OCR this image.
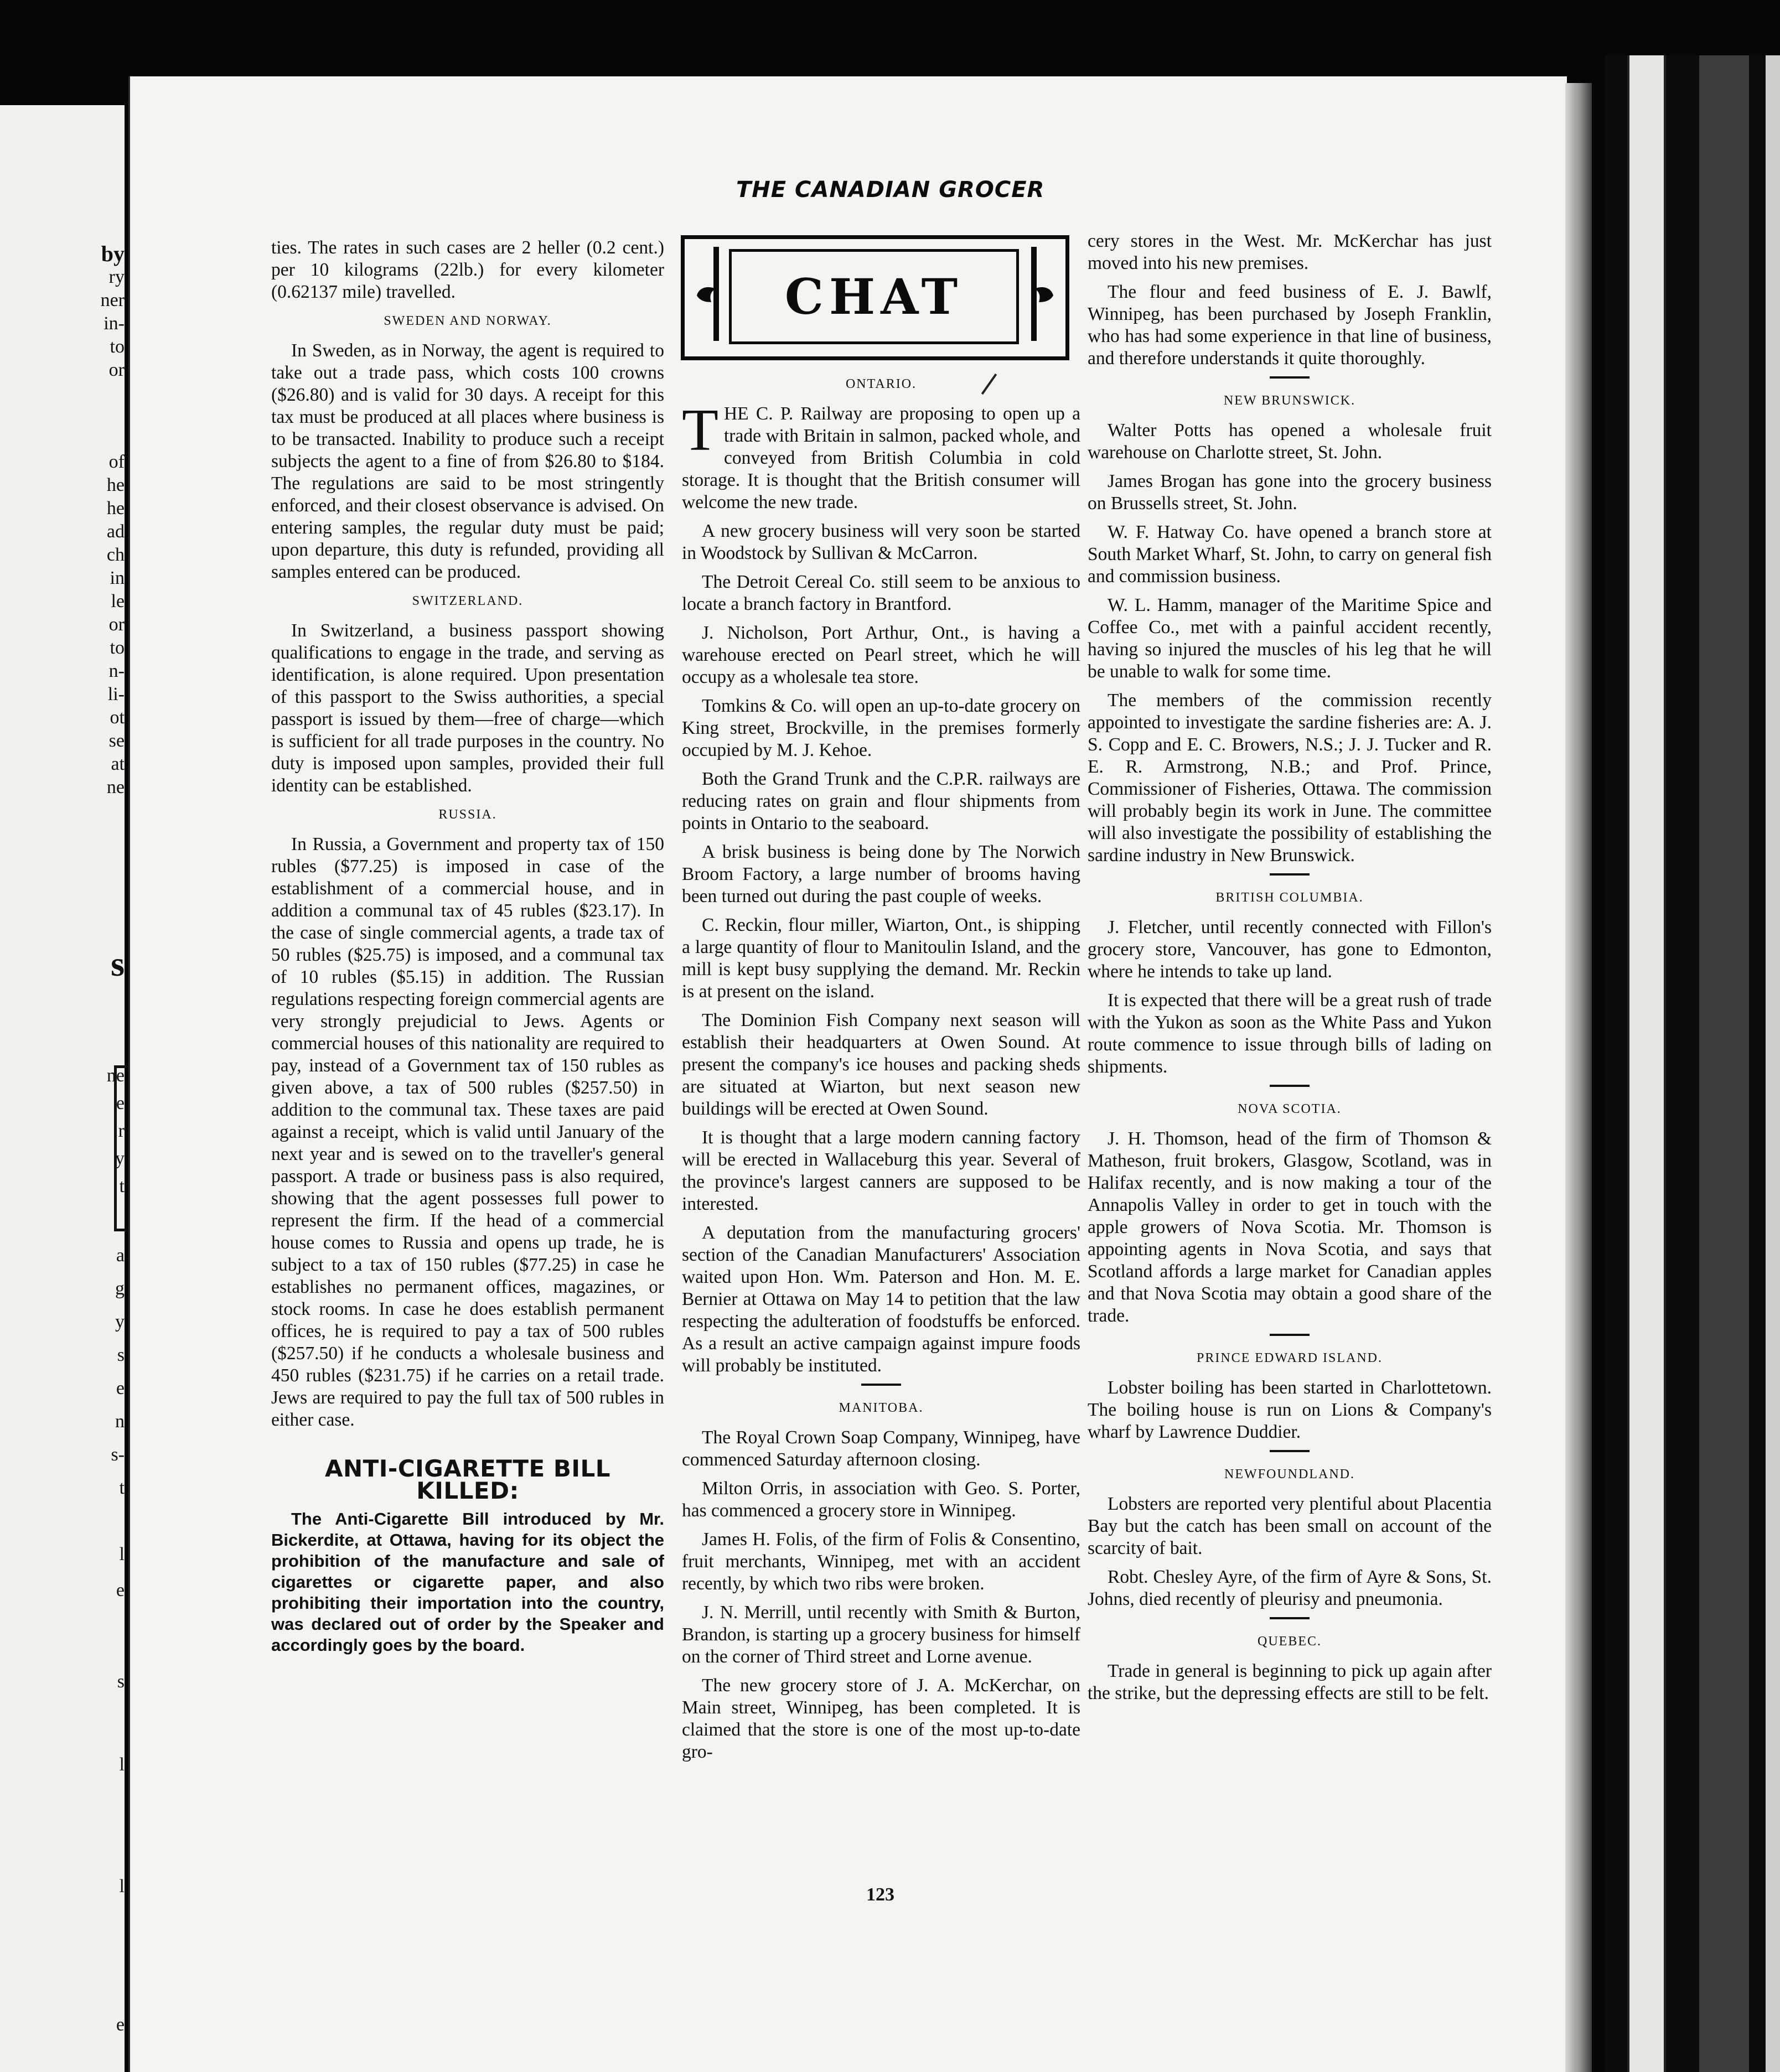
by
ry
ner
in-
to
or
of
he
he
ad
ch
in
le
or
to
n-
li-
ot
se
at
ne
s
ne
e
r
y
t
a
g
y
s
e
n
s-
t
l
e
s
l
l
e
THE CANADIAN GROCER
CHAT

ties. The rates in such cases are 2 heller (0.2 cent.) per 10 kilograms (22lb.) for every kilometer (0.62137 mile) travelled.

SWEDEN AND NORWAY.

In Sweden, as in Norway, the agent is required to take out a trade pass, which costs 100 crowns ($26.80) and is valid for 30 days. A receipt for this tax must be produced at all places where business is to be transacted. Inability to produce such a receipt subjects the agent to a fine of from $26.80 to $184. The regulations are said to be most stringently enforced, and their closest observance is advised. On entering samples, the regular duty must be paid; upon departure, this duty is refunded, providing all samples entered can be produced.

SWITZERLAND.

In Switzerland, a business passport showing qualifications to engage in the trade, and serving as identification, is alone required. Upon presentation of this passport to the Swiss authorities, a special passport is issued by them—free of charge—which is sufficient for all trade purposes in the country. No duty is imposed upon samples, provided their full identity can be established.

RUSSIA.

In Russia, a Government and property tax of 150 rubles ($77.25) is imposed in case of the establishment of a commercial house, and in addition a communal tax of 45 rubles ($23.17). In the case of single commercial agents, a trade tax of 50 rubles ($25.75) is imposed, and a communal tax of 10 rubles ($5.15) in addition. The Russian regulations respecting foreign commercial agents are very strongly prejudicial to Jews. Agents or commercial houses of this nationality are required to pay, instead of a Government tax of 150 rubles as given above, a tax of 500 rubles ($257.50) in addition to the communal tax. These taxes are paid against a receipt, which is valid until January of the next year and is sewed on to the traveller's general passport. A trade or business pass is also required, showing that the agent possesses full power to represent the firm. If the head of a commercial house comes to Russia and opens up trade, he is subject to a tax of 150 rubles ($77.25) in case he establishes no permanent offices, magazines, or stock rooms. In case he does establish permanent offices, he is required to pay a tax of 500 rubles ($257.50) if he conducts a wholesale business and 450 rubles ($231.75) if he carries on a retail trade. Jews are required to pay the full tax of 500 rubles in either case.

ANTI-CIGARETTE BILL KILLED:

The Anti-Cigarette Bill introduced by Mr. Bickerdite, at Ottawa, having for its object the prohibition of the manufacture and sale of cigarettes or cigarette paper, and also prohibiting their importation into the country, was declared out of order by the Speaker and accordingly goes by the board.

ONTARIO.

THE C. P. Railway are proposing to open up a trade with Britain in salmon, packed whole, and conveyed from British Columbia in cold storage. It is thought that the British consumer will welcome the new trade.

A new grocery business will very soon be started in Woodstock by Sullivan & McCarron.

The Detroit Cereal Co. still seem to be anxious to locate a branch factory in Brantford.

J. Nicholson, Port Arthur, Ont., is having a warehouse erected on Pearl street, which he will occupy as a wholesale tea store.

Tomkins & Co. will open an up-to-date grocery on King street, Brockville, in the premises formerly occupied by M. J. Kehoe.

Both the Grand Trunk and the C.P.R. railways are reducing rates on grain and flour shipments from points in Ontario to the seaboard.

A brisk business is being done by The Norwich Broom Factory, a large number of brooms having been turned out during the past couple of weeks.

C. Reckin, flour miller, Wiarton, Ont., is shipping a large quantity of flour to Manitoulin Island, and the mill is kept busy supplying the demand. Mr. Reckin is at present on the island.

The Dominion Fish Company next season will establish their headquarters at Owen Sound. At present the company's ice houses and packing sheds are situated at Wiarton, but next season new buildings will be erected at Owen Sound.

It is thought that a large modern canning factory will be erected in Wallaceburg this year. Several of the province's largest canners are supposed to be interested.

A deputation from the manufacturing grocers' section of the Canadian Manufacturers' Association waited upon Hon. Wm. Paterson and Hon. M. E. Bernier at Ottawa on May 14 to petition that the law respecting the adulteration of foodstuffs be enforced. As a result an active campaign against impure foods will probably be instituted.

MANITOBA.

The Royal Crown Soap Company, Winnipeg, have commenced Saturday afternoon closing.

Milton Orris, in association with Geo. S. Porter, has commenced a grocery store in Winnipeg.

James H. Folis, of the firm of Folis & Consentino, fruit merchants, Winnipeg, met with an accident recently, by which two ribs were broken.

J. N. Merrill, until recently with Smith & Burton, Brandon, is starting up a grocery business for himself on the corner of Third street and Lorne avenue.

The new grocery store of J. A. McKerchar, on Main street, Winnipeg, has been completed. It is claimed that the store is one of the most up-to-date gro-

cery stores in the West. Mr. McKerchar has just moved into his new premises.

The flour and feed business of E. J. Bawlf, Winnipeg, has been purchased by Joseph Franklin, who has had some experience in that line of business, and therefore understands it quite thoroughly.

NEW BRUNSWICK.

Walter Potts has opened a wholesale fruit warehouse on Charlotte street, St. John.

James Brogan has gone into the grocery business on Brussells street, St. John.

W. F. Hatway Co. have opened a branch store at South Market Wharf, St. John, to carry on general fish and commission business.

W. L. Hamm, manager of the Maritime Spice and Coffee Co., met with a painful accident recently, having so injured the muscles of his leg that he will be unable to walk for some time.

The members of the commission recently appointed to investigate the sardine fisheries are: A. J. S. Copp and E. C. Browers, N.S.; J. J. Tucker and R. E. R. Armstrong, N.B.; and Prof. Prince, Commissioner of Fisheries, Ottawa. The commission will probably begin its work in June. The committee will also investigate the possibility of establishing the sardine industry in New Brunswick.

BRITISH COLUMBIA.

J. Fletcher, until recently connected with Fillon's grocery store, Vancouver, has gone to Edmonton, where he intends to take up land.

It is expected that there will be a great rush of trade with the Yukon as soon as the White Pass and Yukon route commence to issue through bills of lading on shipments.

NOVA SCOTIA.

J. H. Thomson, head of the firm of Thomson & Matheson, fruit brokers, Glasgow, Scotland, was in Halifax recently, and is now making a tour of the Annapolis Valley in order to get in touch with the apple growers of Nova Scotia. Mr. Thomson is appointing agents in Nova Scotia, and says that Scotland affords a large market for Canadian apples and that Nova Scotia may obtain a good share of the trade.

PRINCE EDWARD ISLAND.

Lobster boiling has been started in Charlottetown. The boiling house is run on Lions & Company's wharf by Lawrence Duddier.

NEWFOUNDLAND.

Lobsters are reported very plentiful about Placentia Bay but the catch has been small on account of the scarcity of bait.

Robt. Chesley Ayre, of the firm of Ayre & Sons, St. Johns, died recently of pleurisy and pneumonia.

QUEBEC.

Trade in general is beginning to pick up again after the strike, but the depressing effects are still to be felt.

123
